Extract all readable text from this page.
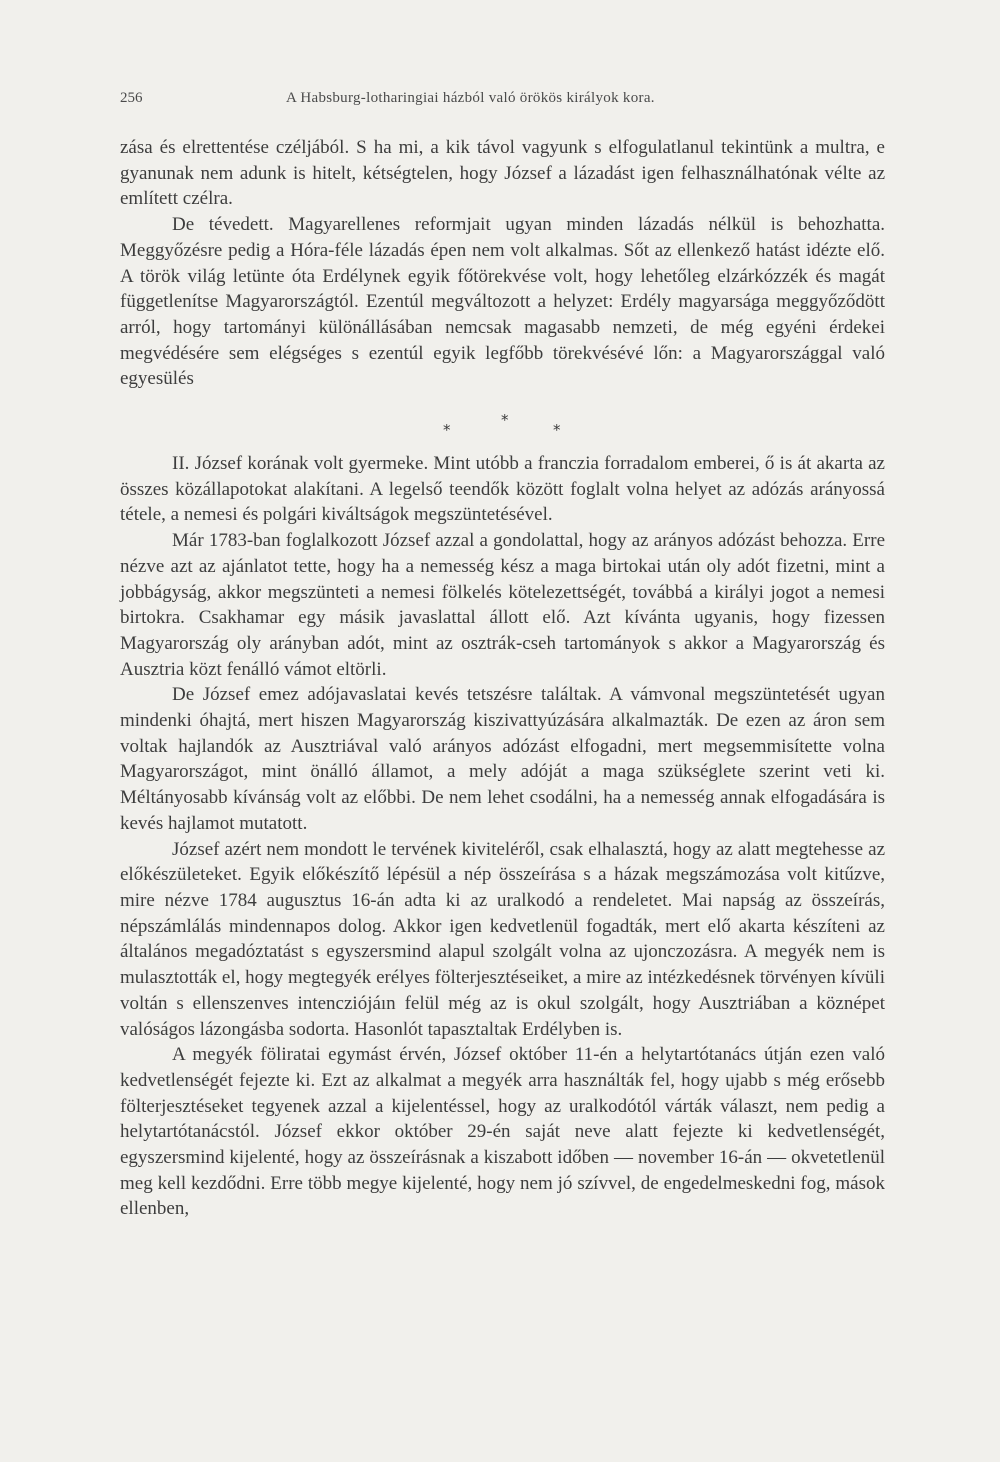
256	A Habsburg-lotharingiai házból való örökös királyok kora.

zása és elrettentése czéljából. S ha mi, a kik távol vagyunk s elfogulatlanul tekintünk a multra, e gyanunak nem adunk is hitelt, kétségtelen, hogy József a lázadást igen felhasználhatónak vélte az említett czélra.

De tévedett. Magyarellenes reformjait ugyan minden lázadás nélkül is behozhatta. Meggyőzésre pedig a Hóra-féle lázadás épen nem volt alkalmas. Sőt az ellenkező hatást idézte elő. A török világ letünte óta Erdélynek egyik főtörekvése volt, hogy lehetőleg elzárkózzék és magát függetlenítse Magyarországtól. Ezentúl megváltozott a helyzet: Erdély magyarsága meggyőződött arról, hogy tartományi különállásában nemcsak magasabb nemzeti, de még egyéni érdekei megvédésére sem elégséges s ezentúl egyik legfőbb törekvésévé lőn: a Magyarországgal való egyesülés

*
*
*

II. József korának volt gyermeke. Mint utóbb a franczia forradalom emberei, ő is át akarta az összes közállapotokat alakítani. A legelső teendők között foglalt volna helyet az adózás arányossá tétele, a nemesi és polgári kiváltságok megszüntetésével.

Már 1783-ban foglalkozott József azzal a gondolattal, hogy az arányos adózást behozza. Erre nézve azt az ajánlatot tette, hogy ha a nemesség kész a maga birtokai után oly adót fizetni, mint a jobbágyság, akkor megszünteti a nemesi fölkelés kötelezettségét, továbbá a királyi jogot a nemesi birtokra. Csakhamar egy másik javaslattal állott elő. Azt kívánta ugyanis, hogy fizessen Magyarország oly arányban adót, mint az osztrák-cseh tartományok s akkor a Magyarország és Ausztria közt fenálló vámot eltörli.

De József emez adójavaslatai kevés tetszésre találtak. A vámvonal megszüntetését ugyan mindenki óhajtá, mert hiszen Magyarország kiszivattyúzására alkalmazták. De ezen az áron sem voltak hajlandók az Ausztriával való arányos adózást elfogadni, mert megsemmisítette volna Magyarországot, mint önálló államot, a mely adóját a maga szükséglete szerint veti ki. Méltányosabb kívánság volt az előbbi. De nem lehet csodálni, ha a nemesség annak elfogadására is kevés hajlamot mutatott.

József azért nem mondott le tervének kiviteléről, csak elhalasztá, hogy az alatt megtehesse az előkészületeket. Egyik előkészítő lépésül a nép összeírása s a házak megszámozása volt kitűzve, mire nézve 1784 augusztus 16-án adta ki az uralkodó a rendeletet. Mai napság az összeírás, népszámlálás mindennapos dolog. Akkor igen kedvetlenül fogadták, mert elő akarta készíteni az általános megadóztatást s egyszersmind alapul szolgált volna az ujonczozásra. A megyék nem is mulasztották el, hogy megtegyék erélyes fölterjesztéseiket, a mire az intézkedésnek törvényen kívüli voltán s ellenszenves intencziójáın felül még az is okul szolgált, hogy Ausztriában a köznépet valóságos lázongásba sodorta. Hasonlót tapasztaltak Erdélyben is.

A megyék föliratai egymást érvén, József október 11-én a helytartótanács útján ezen való kedvetlenségét fejezte ki. Ezt az alkalmat a megyék arra használták fel, hogy ujabb s még erősebb fölterjesztéseket tegyenek azzal a kijelentéssel, hogy az uralkodótól várták választ, nem pedig a helytartótanácstól. József ekkor október 29-én saját neve alatt fejezte ki kedvetlenségét, egyszersmind kijelenté, hogy az összeírásnak a kiszabott időben — november 16-án — okvetetlenül meg kell kezdődni. Erre több megye kijelenté, hogy nem jó szívvel, de engedelmeskedni fog, mások ellenben,
